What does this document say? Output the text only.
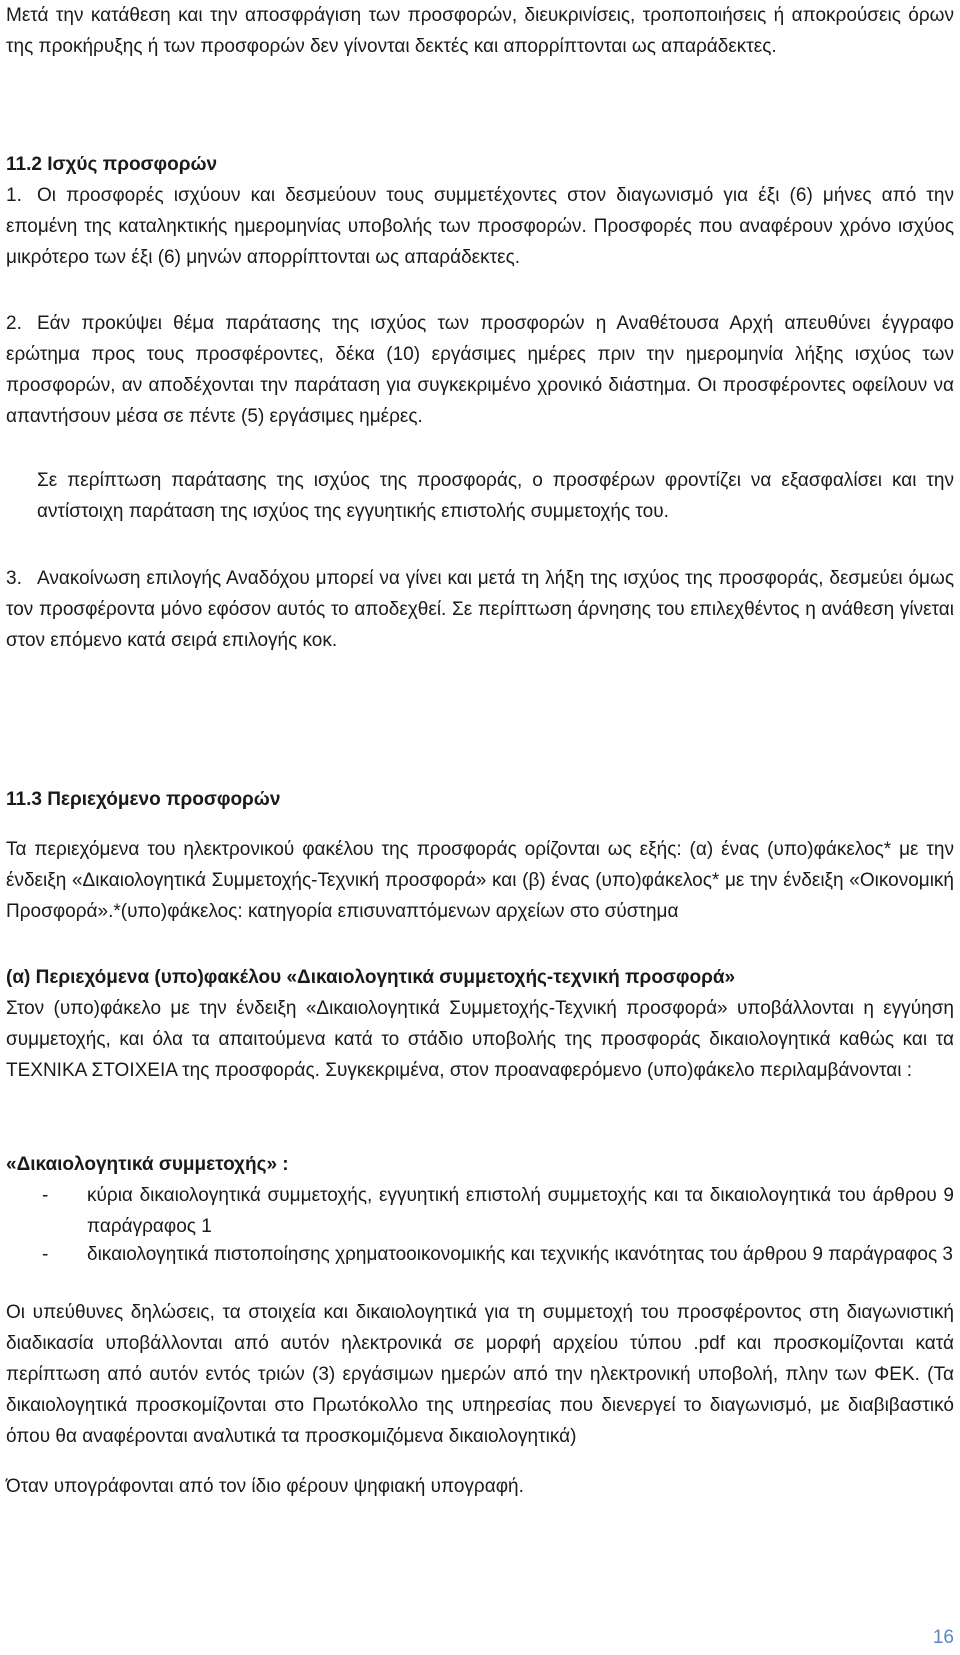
Μετά την κατάθεση και την αποσφράγιση των προσφορών, διευκρινίσεις, τροποποιήσεις ή αποκρούσεις όρων της προκήρυξης ή των προσφορών δεν γίνονται δεκτές και απορρίπτονται ως απαράδεκτες.

11.2 Ισχύς προσφορών

1. Οι προσφορές ισχύουν και δεσμεύουν τους συμμετέχοντες στον διαγωνισμό για έξι (6) μήνες από την επομένη της καταληκτικής ημερομηνίας υποβολής των προσφορών. Προσφορές που αναφέρουν χρόνο ισχύος μικρότερο των έξι (6) μηνών απορρίπτονται ως απαράδεκτες.

2. Εάν προκύψει θέμα παράτασης της ισχύος των προσφορών η Αναθέτουσα Αρχή απευθύνει έγγραφο ερώτημα προς τους προσφέροντες, δέκα (10) εργάσιμες ημέρες πριν την ημερομηνία λήξης ισχύος των προσφορών, αν αποδέχονται την παράταση για συγκεκριμένο χρονικό διάστημα. Οι προσφέροντες οφείλουν να απαντήσουν μέσα σε πέντε (5) εργάσιμες ημέρες.

Σε περίπτωση παράτασης της ισχύος της προσφοράς, ο προσφέρων φροντίζει να εξασφαλίσει και την αντίστοιχη παράταση της ισχύος της εγγυητικής επιστολής συμμετοχής του.

3. Ανακοίνωση επιλογής Αναδόχου μπορεί να γίνει και μετά τη λήξη της ισχύος της προσφοράς, δεσμεύει όμως τον προσφέροντα μόνο εφόσον αυτός το αποδεχθεί. Σε περίπτωση άρνησης του επιλεχθέντος η ανάθεση γίνεται στον επόμενο κατά σειρά επιλογής κοκ.

11.3 Περιεχόμενο προσφορών

Τα περιεχόμενα του ηλεκτρονικού φακέλου της προσφοράς ορίζονται ως εξής: (α) ένας (υπο)φάκελος* με την ένδειξη «Δικαιολογητικά Συμμετοχής-Τεχνική προσφορά» και (β) ένας (υπο)φάκελος* με την ένδειξη «Οικονομική Προσφορά».*(υπο)φάκελος: κατηγορία επισυναπτόμενων αρχείων στο σύστημα

(α) Περιεχόμενα (υπο)φακέλου «Δικαιολογητικά συμμετοχής-τεχνική προσφορά»

Στον (υπο)φάκελο με την ένδειξη «Δικαιολογητικά Συμμετοχής-Τεχνική προσφορά» υποβάλλονται η εγγύηση συμμετοχής, και όλα τα απαιτούμενα κατά το στάδιο υποβολής της προσφοράς δικαιολογητικά καθώς και τα ΤΕΧΝΙΚΑ ΣΤΟΙΧΕΙΑ της προσφοράς. Συγκεκριμένα, στον προαναφερόμενο (υπο)φάκελο περιλαμβάνονται :

«Δικαιολογητικά συμμετοχής» :

- κύρια δικαιολογητικά συμμετοχής, εγγυητική επιστολή συμμετοχής και τα δικαιολογητικά του άρθρου 9 παράγραφος 1
- δικαιολογητικά πιστοποίησης χρηματοοικονομικής και τεχνικής ικανότητας του άρθρου 9 παράγραφος 3

Οι υπεύθυνες δηλώσεις, τα στοιχεία και δικαιολογητικά για τη συμμετοχή του προσφέροντος στη διαγωνιστική διαδικασία υποβάλλονται από αυτόν ηλεκτρονικά σε μορφή αρχείου τύπου .pdf και προσκομίζονται κατά περίπτωση από αυτόν εντός τριών (3) εργάσιμων ημερών από την ηλεκτρονική υποβολή, πλην των ΦΕΚ. (Τα δικαιολογητικά προσκομίζονται στο Πρωτόκολλο της υπηρεσίας που διενεργεί το διαγωνισμό, με διαβιβαστικό όπου θα αναφέρονται αναλυτικά τα προσκομιζόμενα δικαιολογητικά)

Όταν υπογράφονται από τον ίδιο φέρουν ψηφιακή υπογραφή.

16
